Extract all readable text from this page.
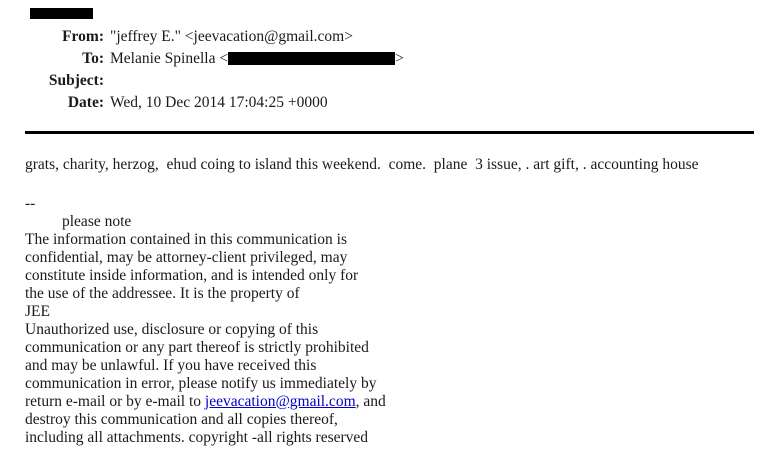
From: "jeffrey E." <jeevacation@gmail.com>
To: Melanie Spinella <	>
Subject:
Date: Wed, 10 Dec 2014 17:04:25 +0000
grats, charity, herzog,  ehud coing to island this weekend.  come.  plane  3 issue, . art gift, . accounting house
--
please note
The information contained in this communication is
confidential, may be attorney-client privileged, may
constitute inside information, and is intended only for
the use of the addressee. It is the property of
JEE
Unauthorized use, disclosure or copying of this
communication or any part thereof is strictly prohibited
and may be unlawful. If you have received this
communication in error, please notify us immediately by
return e-mail or by e-mail to jeevacation@gmail.com, and
destroy this communication and all copies thereof,
including all attachments. copyright -all rights reserved
